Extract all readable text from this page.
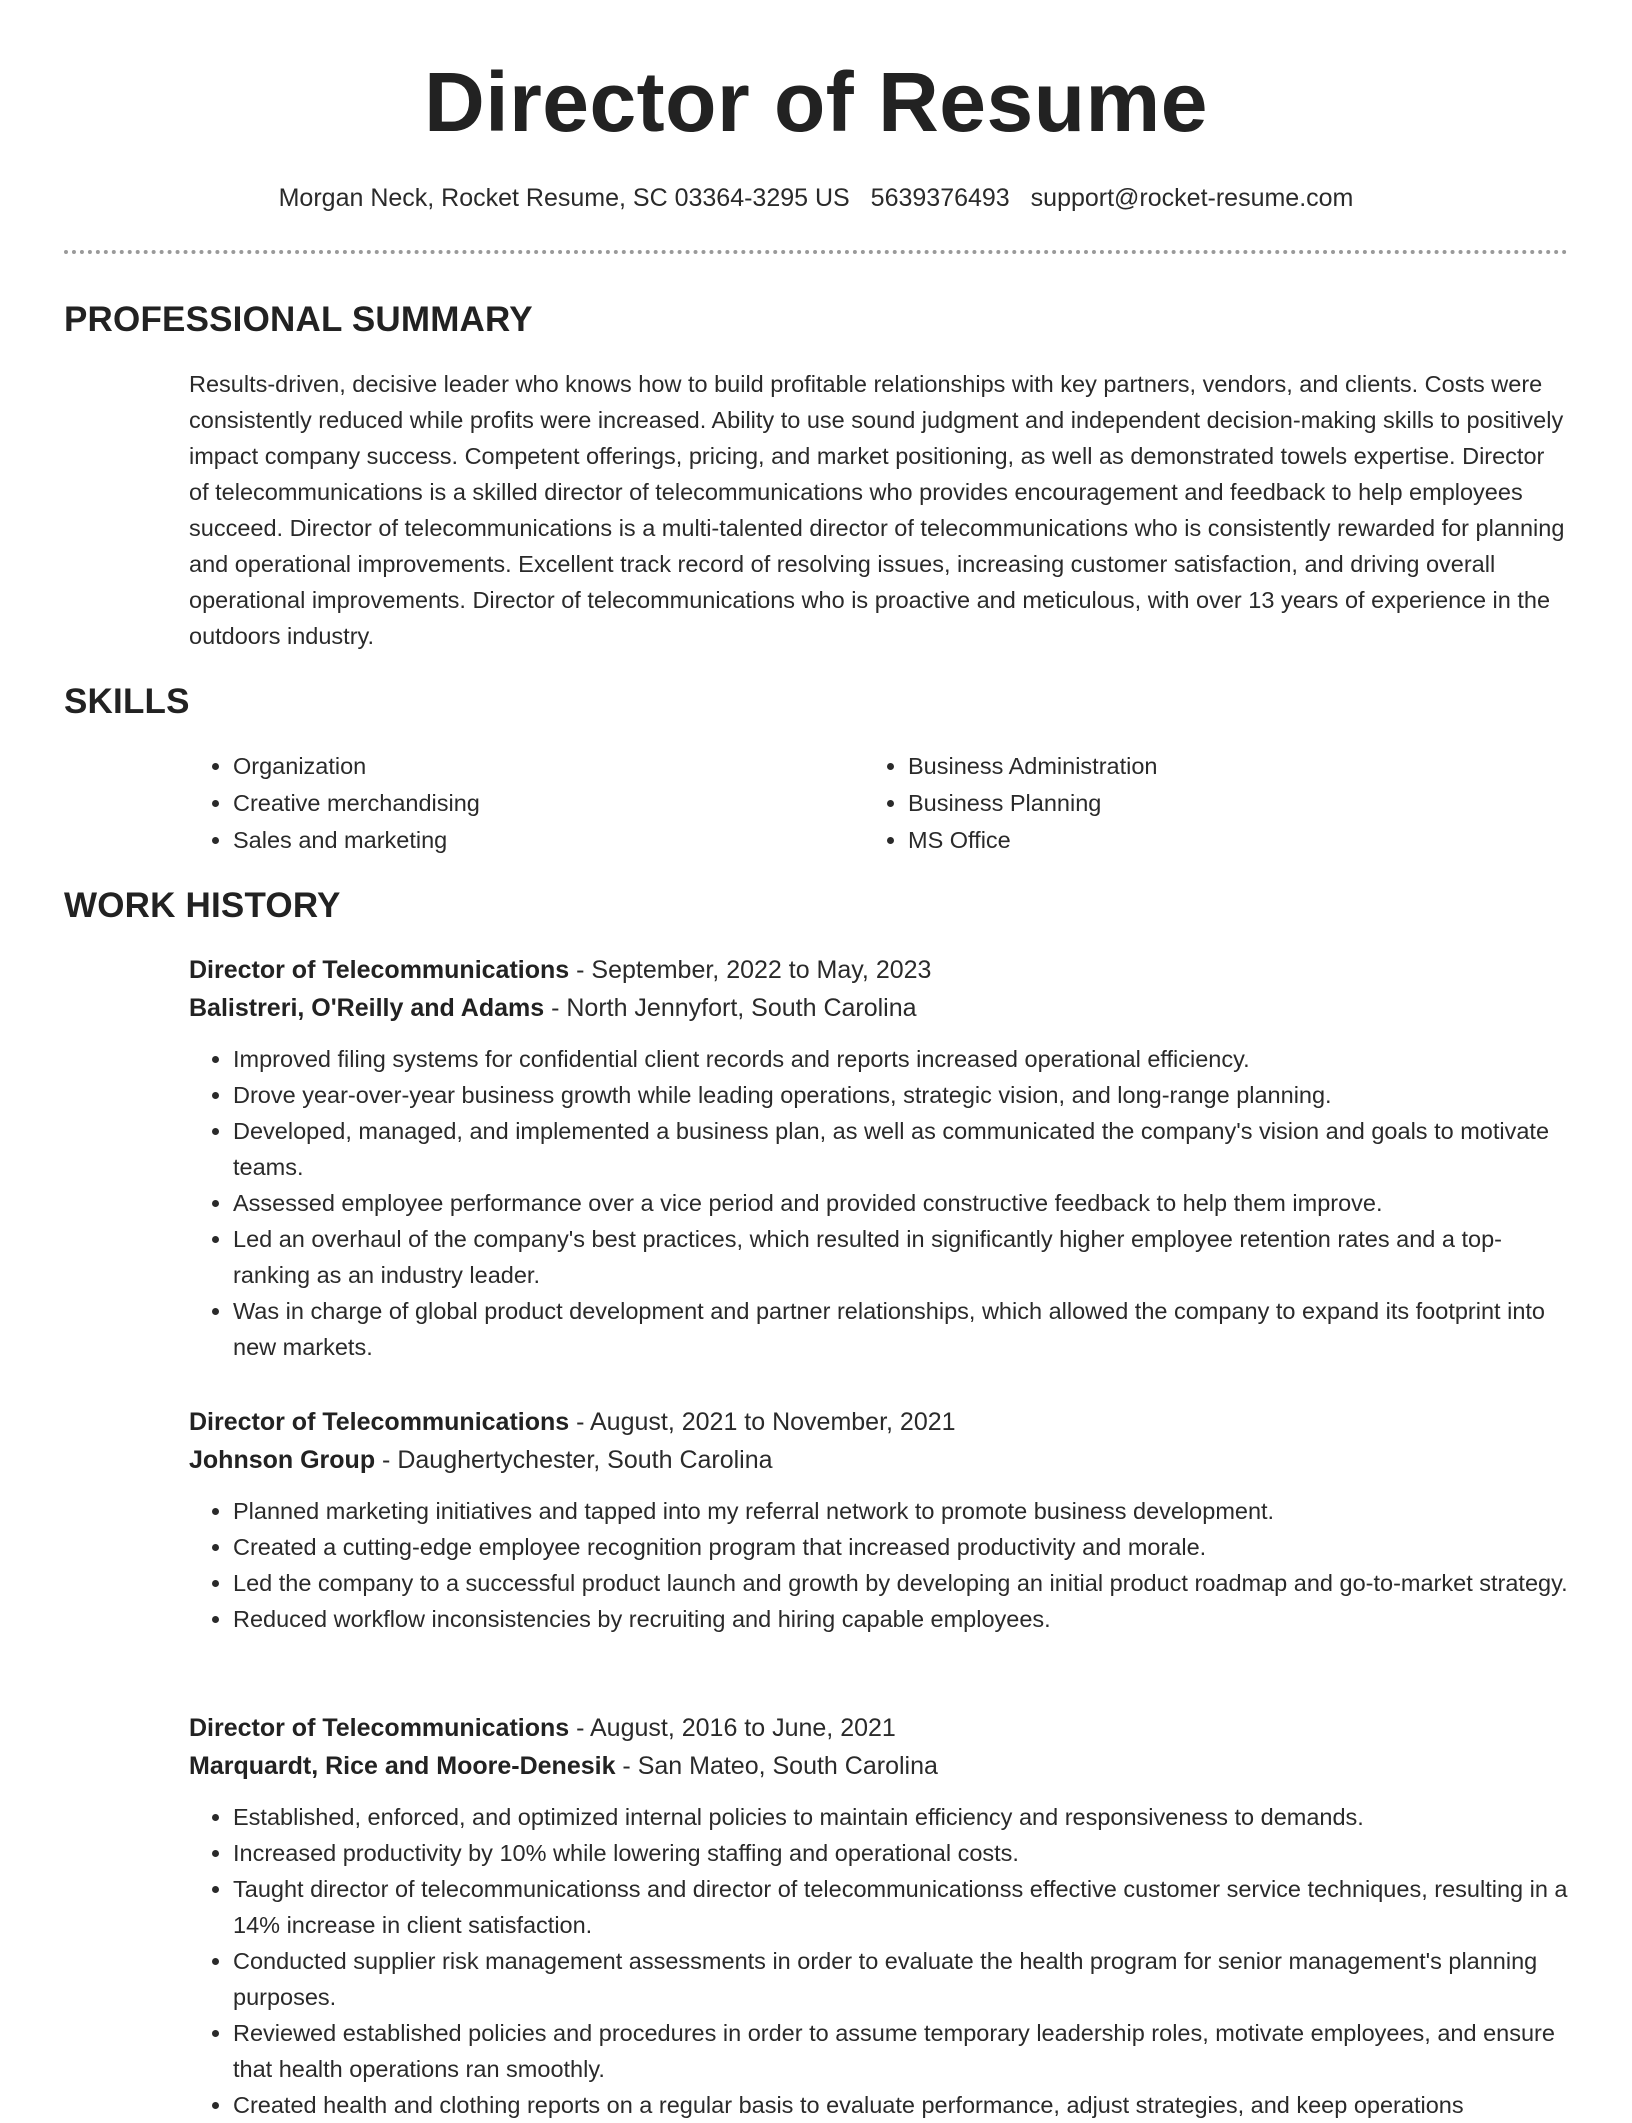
Director of Resume
Morgan Neck, Rocket Resume, SC 03364-3295 US 5639376493 support@rocket-resume.com
PROFESSIONAL SUMMARY
Results-driven, decisive leader who knows how to build profitable relationships with key partners, vendors, and clients. Costs were consistently reduced while profits were increased. Ability to use sound judgment and independent decision-making skills to positively impact company success. Competent offerings, pricing, and market positioning, as well as demonstrated towels expertise. Director of telecommunications is a skilled director of telecommunications who provides encouragement and feedback to help employees succeed. Director of telecommunications is a multi-talented director of telecommunications who is consistently rewarded for planning and operational improvements. Excellent track record of resolving issues, increasing customer satisfaction, and driving overall operational improvements. Director of telecommunications who is proactive and meticulous, with over 13 years of experience in the outdoors industry.
SKILLS
• Organization
• Creative merchandising
• Sales and marketing
• Business Administration
• Business Planning
• MS Office
WORK HISTORY
Director of Telecommunications - September, 2022 to May, 2023
Balistreri, O'Reilly and Adams - North Jennyfort, South Carolina
• Improved filing systems for confidential client records and reports increased operational efficiency.
• Drove year-over-year business growth while leading operations, strategic vision, and long-range planning.
• Developed, managed, and implemented a business plan, as well as communicated the company's vision and goals to motivate teams.
• Assessed employee performance over a vice period and provided constructive feedback to help them improve.
• Led an overhaul of the company's best practices, which resulted in significantly higher employee retention rates and a top-ranking as an industry leader.
• Was in charge of global product development and partner relationships, which allowed the company to expand its footprint into new markets.
Director of Telecommunications - August, 2021 to November, 2021
Johnson Group - Daughertychester, South Carolina
• Planned marketing initiatives and tapped into my referral network to promote business development.
• Created a cutting-edge employee recognition program that increased productivity and morale.
• Led the company to a successful product launch and growth by developing an initial product roadmap and go-to-market strategy.
• Reduced workflow inconsistencies by recruiting and hiring capable employees.
Director of Telecommunications - August, 2016 to June, 2021
Marquardt, Rice and Moore-Denesik - San Mateo, South Carolina
• Established, enforced, and optimized internal policies to maintain efficiency and responsiveness to demands.
• Increased productivity by 10% while lowering staffing and operational costs.
• Taught director of telecommunicationss and director of telecommunicationss effective customer service techniques, resulting in a 14% increase in client satisfaction.
• Conducted supplier risk management assessments in order to evaluate the health program for senior management's planning purposes.
• Reviewed established policies and procedures in order to assume temporary leadership roles, motivate employees, and ensure that health operations ran smoothly.
• Created health and clothing reports on a regular basis to evaluate performance, adjust strategies, and keep operations
